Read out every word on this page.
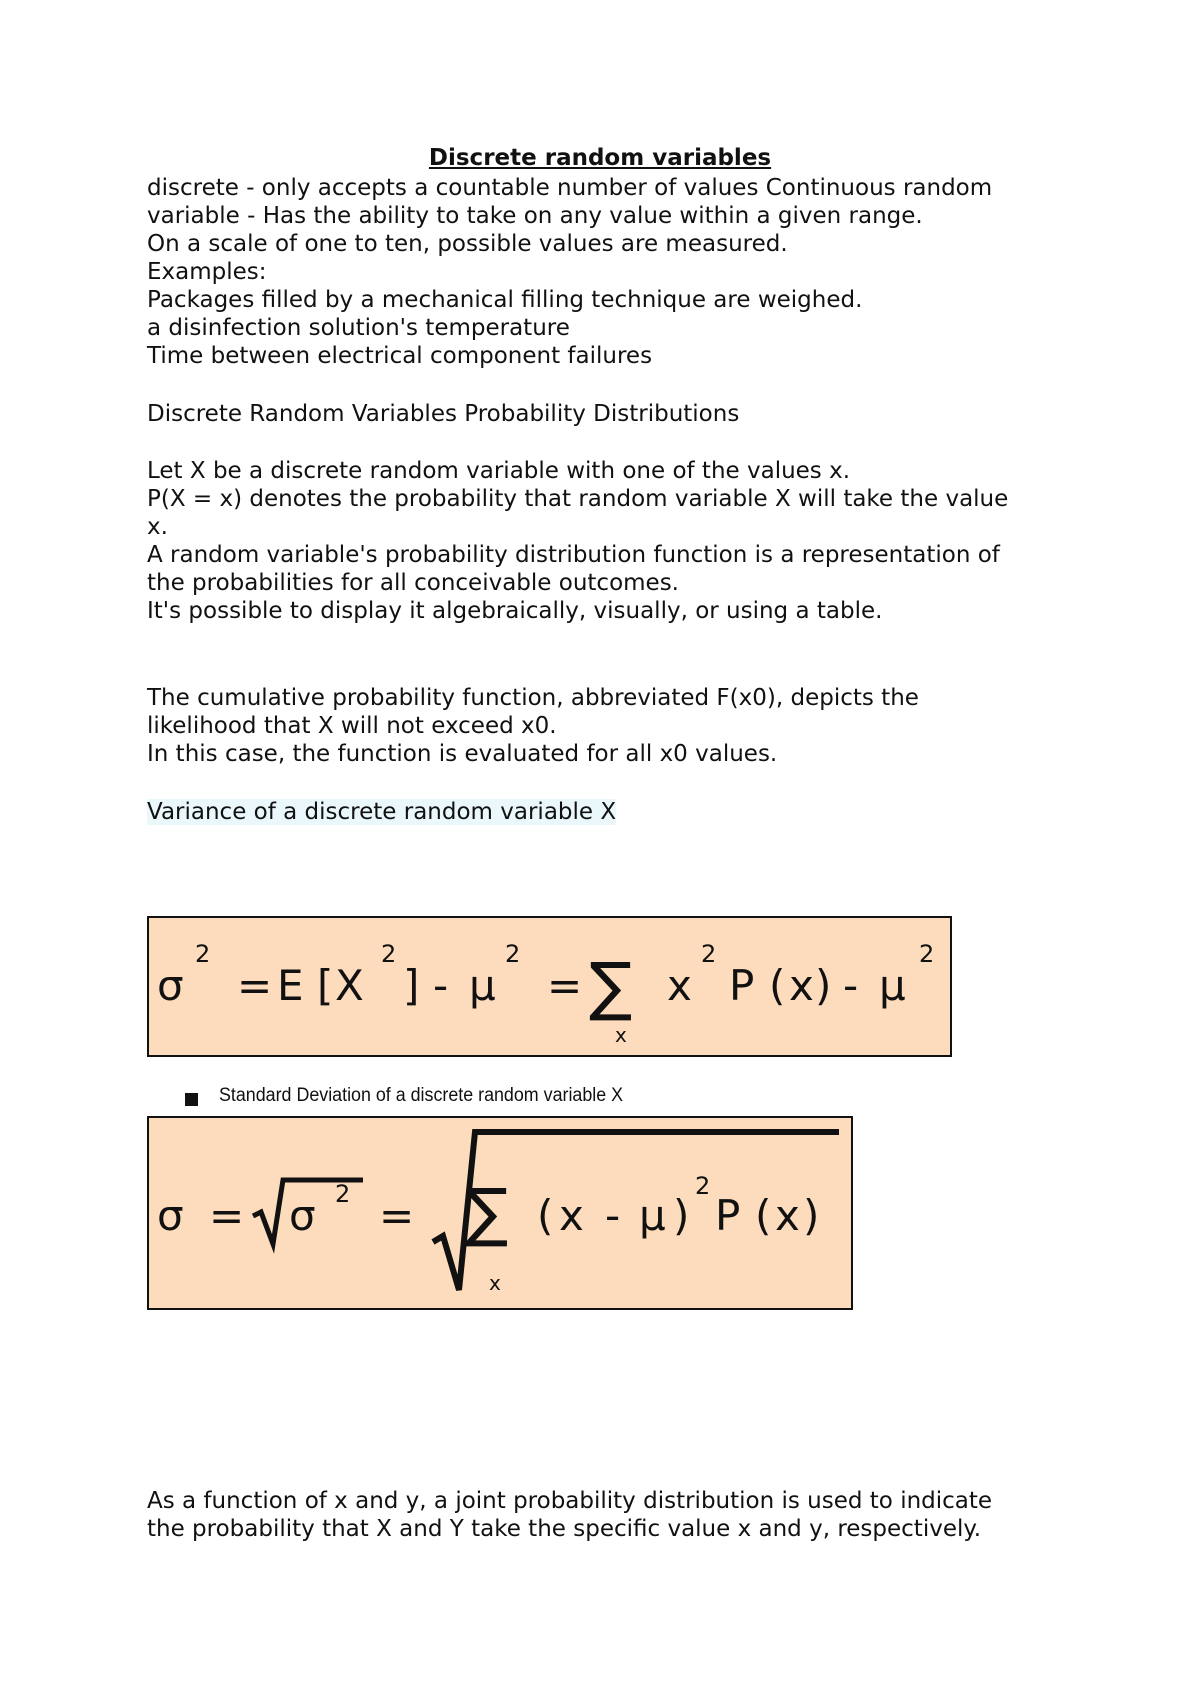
Discrete random variables
discrete - only accepts a countable number of values Continuous random
variable - Has the ability to take on any value within a given range.
On a scale of one to ten, possible values are measured.
Examples:
Packages filled by a mechanical filling technique are weighed.
a disinfection solution's temperature
Time between electrical component failures
Discrete Random Variables Probability Distributions
Let X be a discrete random variable with one of the values x.
P(X = x) denotes the probability that random variable X will take the value
x.
A random variable's probability distribution function is a representation of
the probabilities for all conceivable outcomes.
It's possible to display it algebraically, visually, or using a table.
The cumulative probability function, abbreviated F(x0), depicts the
likelihood that X will not exceed x0.
In this case, the function is evaluated for all x0 values.
Variance of a discrete random variable X
σ
2
= E [ X
2
] - μ
2
= ∑
x
x
2
P ( x ) - μ
2
Standard Deviation of a discrete random variable X
σ = σ 2 = ∑
x
( x - μ )
2
P ( x )
As a function of x and y, a joint probability distribution is used to indicate
the probability that X and Y take the specific value x and y, respectively.
